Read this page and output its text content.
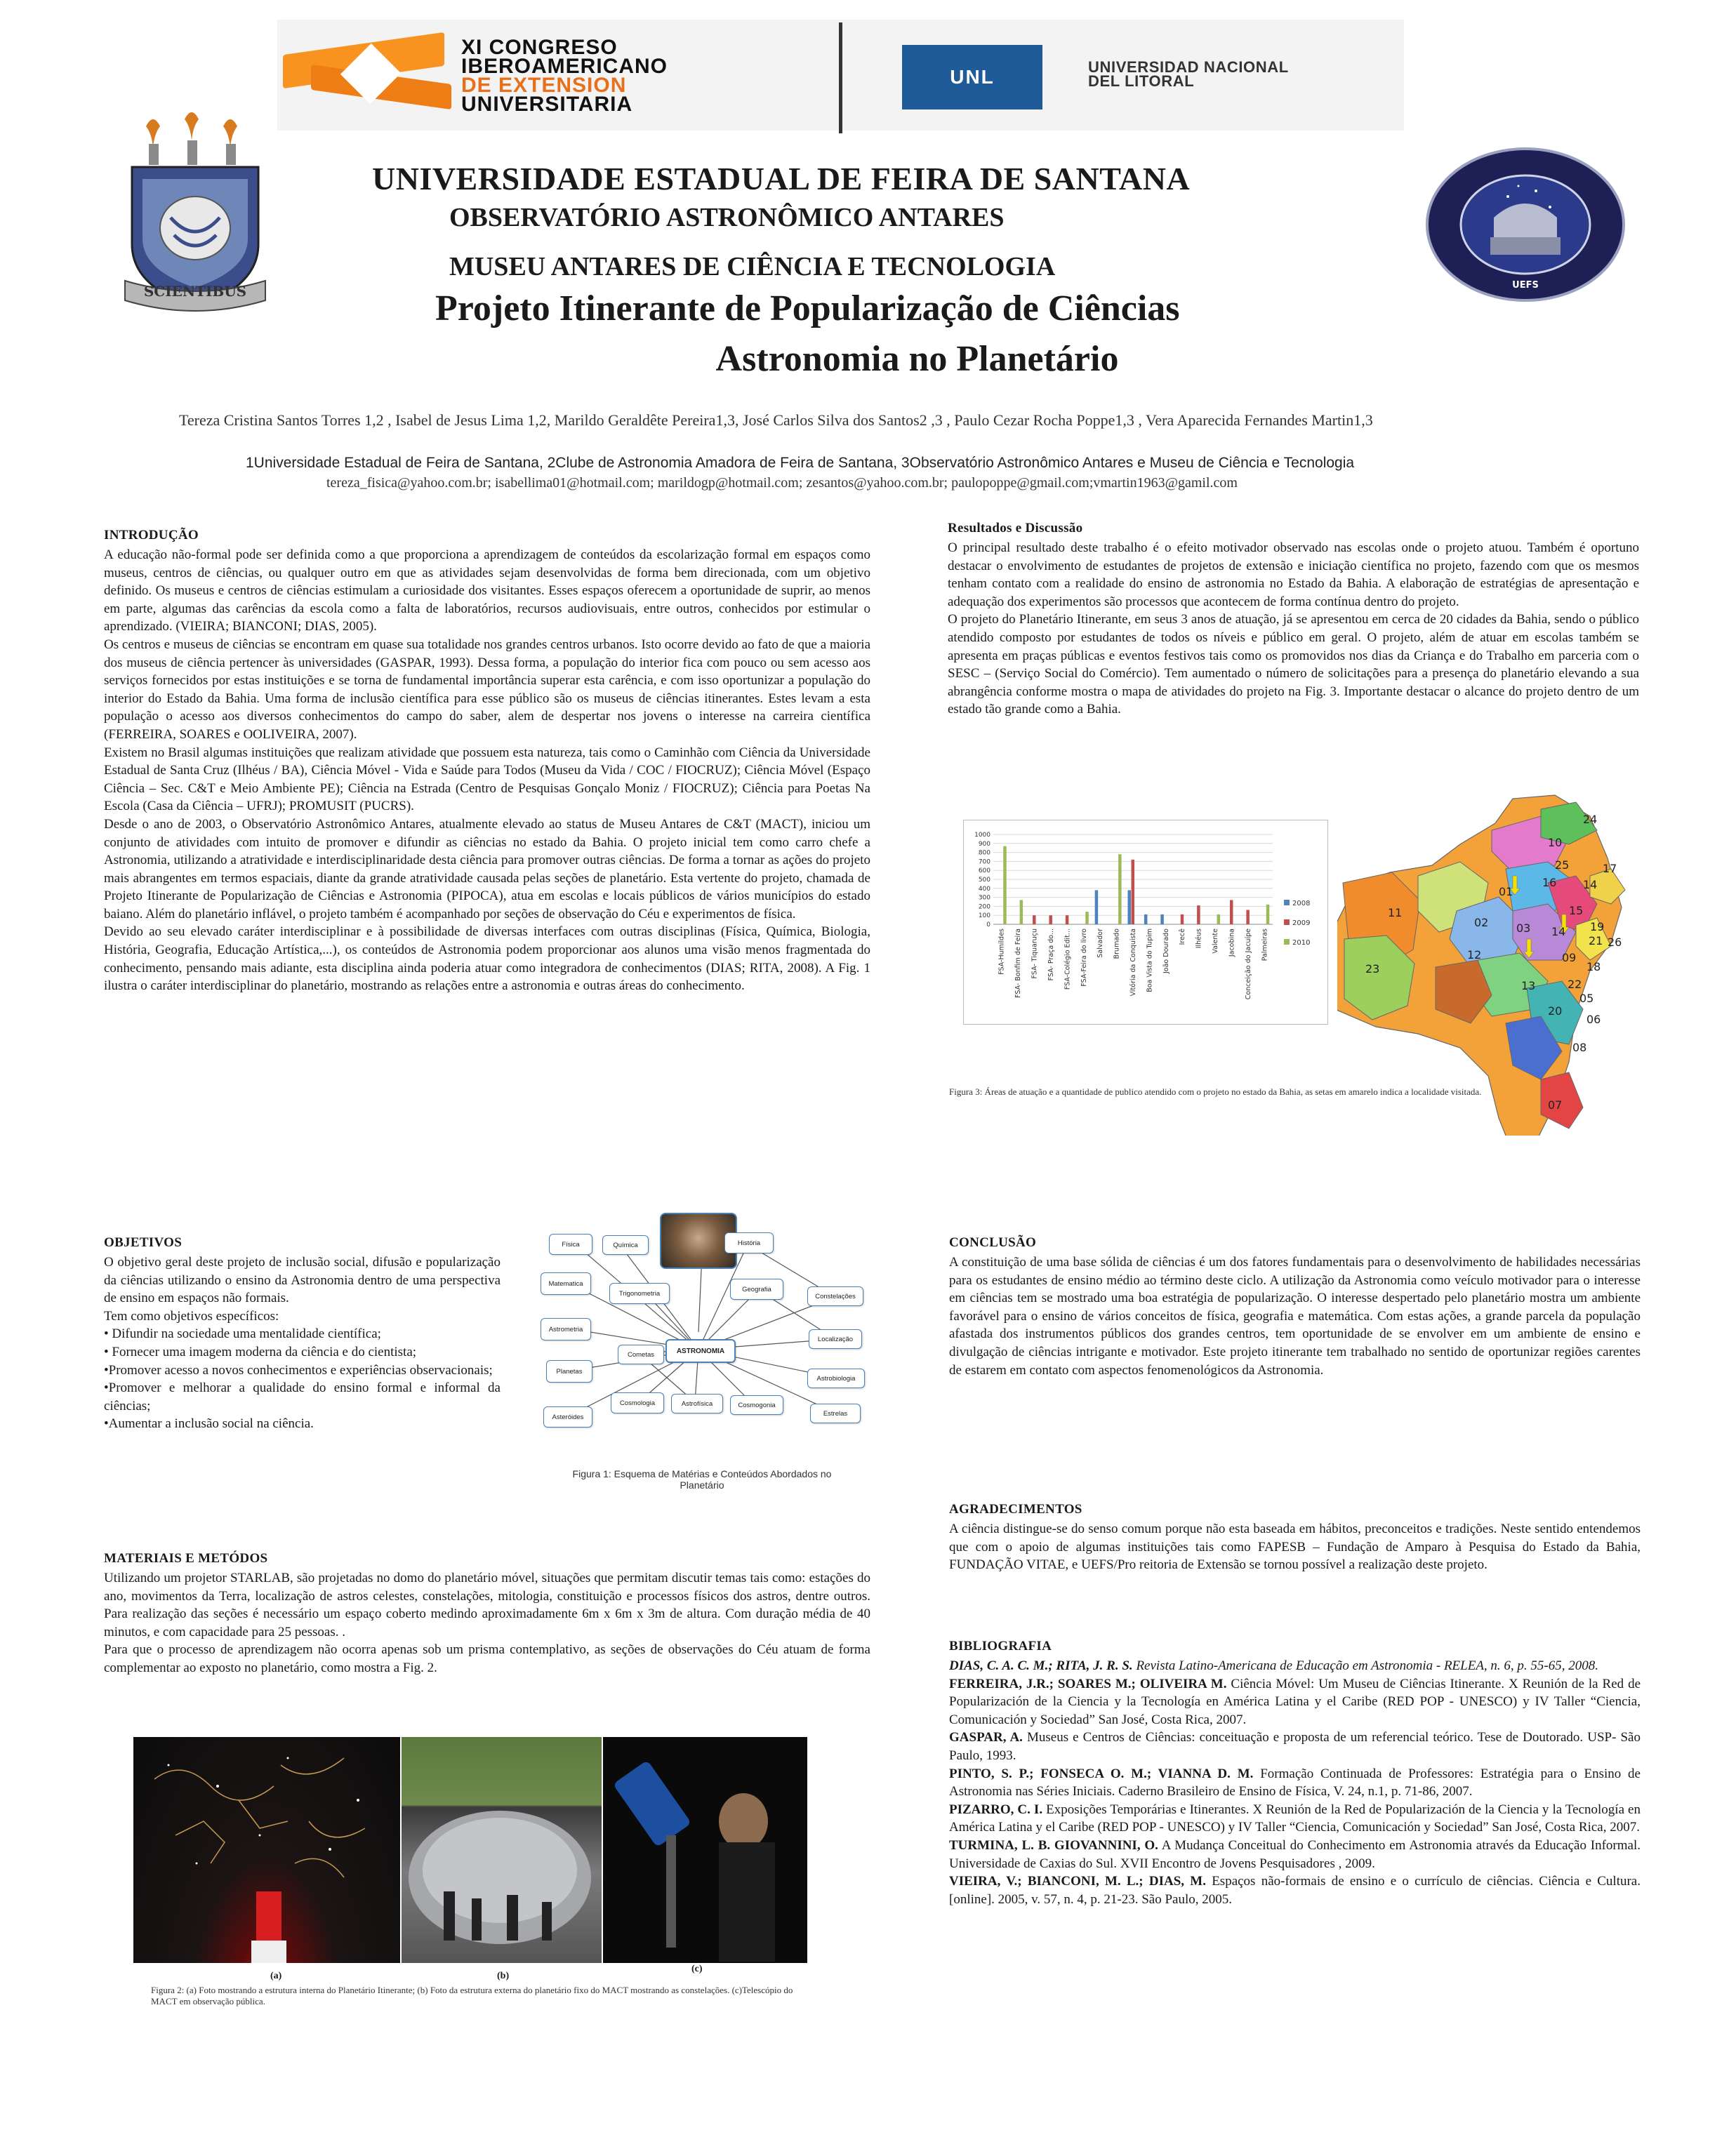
XI CONGRESO
IBEROAMERICANO
DE EXTENSION
UNIVERSITARIA
UNL	UNIVERSIDAD NACIONAL
DEL LITORAL
SCIENTIBUS	UEFS
UNIVERSIDADE ESTADUAL DE FEIRA DE SANTANA
OBSERVATÓRIO ASTRONÔMICO ANTARES
MUSEU ANTARES DE CIÊNCIA E TECNOLOGIA
Projeto Itinerante de Popularização de Ciências
Astronomia no Planetário
Tereza Cristina Santos Torres 1,2 , Isabel de Jesus Lima 1,2, Marildo Geraldête Pereira1,3, José Carlos Silva dos Santos2 ,3 , Paulo Cezar Rocha Poppe1,3 , Vera Aparecida Fernandes Martin1,3
1Universidade Estadual de Feira de Santana, 2Clube de Astronomia Amadora de Feira de Santana, 3Observatório Astronômico Antares e Museu de Ciência e Tecnologia
tereza_fisica@yahoo.com.br; isabellima01@hotmail.com; marildogp@hotmail.com; zesantos@yahoo.com.br; paulopoppe@gmail.com;vmartin1963@gamil.com
INTRODUÇÃO

A educação não-formal pode ser definida como a que proporciona a aprendizagem de conteúdos da escolarização formal em espaços como museus, centros de ciências, ou qualquer outro em que as atividades sejam desenvolvidas de forma bem direcionada, com um objetivo definido. Os museus e centros de ciências estimulam a curiosidade dos visitantes. Esses espaços oferecem a oportunidade de suprir, ao menos em parte, algumas das carências da escola como a falta de laboratórios, recursos audiovisuais, entre outros, conhecidos por estimular o aprendizado. (VIEIRA; BIANCONI; DIAS, 2005).

Os centros e museus de ciências se encontram em quase sua totalidade nos grandes centros urbanos. Isto ocorre devido ao fato de que a maioria dos museus de ciência pertencer às universidades (GASPAR, 1993). Dessa forma, a população do interior fica com pouco ou sem acesso aos serviços fornecidos por estas instituições e se torna de fundamental importância superar esta carência, e com isso oportunizar a população do interior do Estado da Bahia. Uma forma de inclusão científica para esse público são os museus de ciências itinerantes. Estes levam a esta população o acesso aos diversos conhecimentos do campo do saber, alem de despertar nos jovens o interesse na carreira científica (FERREIRA, SOARES e OOLIVEIRA, 2007).

Existem no Brasil algumas instituições que realizam atividade que possuem esta natureza, tais como o Caminhão com Ciência da Universidade Estadual de Santa Cruz (Ilhéus / BA), Ciência Móvel - Vida e Saúde para Todos (Museu da Vida / COC / FIOCRUZ); Ciência Móvel (Espaço Ciência – Sec. C&T e Meio Ambiente PE); Ciência na Estrada (Centro de Pesquisas Gonçalo Moniz / FIOCRUZ); Ciência para Poetas Na Escola (Casa da Ciência – UFRJ); PROMUSIT (PUCRS).

Desde o ano de 2003, o Observatório Astronômico Antares, atualmente elevado ao status de Museu Antares de C&T (MACT), iniciou um conjunto de atividades com intuito de promover e difundir as ciências no estado da Bahia. O projeto inicial tem como carro chefe a Astronomia, utilizando a atratividade e interdisciplinaridade desta ciência para promover outras ciências. De forma a tornar as ações do projeto mais abrangentes em termos espaciais, diante da grande atratividade causada pelas seções de planetário. Esta vertente do projeto, chamada de Projeto Itinerante de Popularização de Ciências e Astronomia (PIPOCA), atua em escolas e locais públicos de vários municípios do estado baiano. Além do planetário inflável, o projeto também é acompanhado por seções de observação do Céu e experimentos de física.

Devido ao seu elevado caráter interdisciplinar e à possibilidade de diversas interfaces com outras disciplinas (Física, Química, Biologia, História, Geografia, Educação Artística,...), os conteúdos de Astronomia podem proporcionar aos alunos uma visão menos fragmentada do conhecimento, pensando mais adiante, esta disciplina ainda poderia atuar como integradora de conhecimentos (DIAS; RITA, 2008). A Fig. 1 ilustra o caráter interdisciplinar do planetário, mostrando as relações entre a astronomia e outras áreas do conhecimento.

OBJETIVOS

O objetivo geral deste projeto de inclusão social, difusão e popularização da ciências utilizando o ensino da Astronomia dentro de uma perspectiva de ensino em espaços não formais.

Tem como objetivos específicos:

• Difundir na sociedade uma mentalidade científica;
• Fornecer uma imagem moderna da ciência e do cientista;
•Promover acesso a novos conhecimentos e experiências observacionais;
•Promover e melhorar a qualidade do ensino formal e informal da ciências;
•Aumentar a inclusão social na ciência.
Física	Química
Matematica
Trigonometria
Astrometria
Cometas
Planetas
Cosmologia	Astrofísica	Cosmogonia
Asteróides
História
Geografia
Constelações
Localização
Astrobiologia
Estrelas
ASTRONOMIA
Figura 1: Esquema de Matérias e Conteúdos Abordados no Planetário
MATERIAIS E METÓDOS

Utilizando um projetor STARLAB, são projetadas no domo do planetário móvel, situações que permitam discutir temas tais como: estações do ano, movimentos da Terra, localização de astros celestes, constelações, mitologia, constituição e processos físicos dos astros, dentre outros. Para realização das seções é necessário um espaço coberto medindo aproximadamente 6m x 6m x 3m de altura. Com duração média de 40 minutos, e com capacidade para 25 pessoas. .

Para que o processo de aprendizagem não ocorra apenas sob um prisma contemplativo, as seções de observações do Céu atuam de forma complementar ao exposto no planetário, como mostra a Fig. 2.

(a)	(b)
(c)
Figura 2: (a) Foto mostrando a estrutura interna do Planetário Itinerante; (b) Foto da estrutura externa do planetário fixo do MACT mostrando as constelações. (c)Telescópio do MACT em observação pública.
Resultados e Discussão

O principal resultado deste trabalho é o efeito motivador observado nas escolas onde o projeto atuou. Também é oportuno destacar o envolvimento de estudantes de projetos de extensão e iniciação científica no projeto, fazendo com que os mesmos tenham contato com a realidade do ensino de astronomia no Estado da Bahia. A elaboração de estratégias de apresentação e adequação dos experimentos são processos que acontecem de forma contínua dentro do projeto.

O projeto do Planetário Itinerante, em seus 3 anos de atuação, já se apresentou em cerca de 20 cidades da Bahia, sendo o público atendido composto por estudantes de todos os níveis e público em geral. O projeto, além de atuar em escolas também se apresenta em praças públicas e eventos festivos tais como os promovidos nos dias da Criança e do Trabalho em parceria com o SESC – (Serviço Social do Comércio). Tem aumentado o número de solicitações para a presença do planetário elevando a sua abrangência conforme mostra o mapa de atividades do projeto na Fig. 3. Importante destacar o alcance do projeto dentro de um estado tão grande como a Bahia.

1000
900
800
700
600
500
400
300
200
100
0
FSA-Humildes FSA- Bonfim de Feira FSA- Tiquaruçu FSA- Praça do... FSA-Colégio Edit... FSA-Feira do livro Salvador Brumado Vitória da Conquista Boa Vista do Tupim João Dourado Irecê Ilhéus Valente Jacobina Conceição do Jacuípe Palmeiras
2008
2009
2010
10
24
25	17
01
16 14
11
02 03
15
19
21 26
23
12
14
09
13	22
20
05
06
08
07
18
Figura 3: Áreas de atuação e a quantidade de publico atendido com o projeto no estado da Bahia, as setas em amarelo indica a localidade visitada.
CONCLUSÃO

A constituição de uma base sólida de ciências é um dos fatores fundamentais para o desenvolvimento de habilidades necessárias para os estudantes de ensino médio ao término deste ciclo. A utilização da Astronomia como veículo motivador para o interesse em ciências tem se mostrado uma boa estratégia de popularização. O interesse despertado pelo planetário mostra um ambiente favorável para o ensino de vários conceitos de física, geografia e matemática. Com estas ações, a grande parcela da população afastada dos instrumentos públicos dos grandes centros, tem oportunidade de se envolver em um ambiente de ensino e divulgação de ciências intrigante e motivador. Este projeto itinerante tem trabalhado no sentido de oportunizar regiões carentes de estarem em contato com aspectos fenomenológicos da Astronomia.

AGRADECIMENTOS

A ciência distingue-se do senso comum porque não esta baseada em hábitos, preconceitos e tradições. Neste sentido entendemos que com o apoio de algumas instituições tais como FAPESB – Fundação de Amparo à Pesquisa do Estado da Bahia, FUNDAÇÃO VITAE, e UEFS/Pro reitoria de Extensão se tornou possível a realização deste projeto.

BIBLIOGRAFIA

DIAS, C. A. C. M.; RITA, J. R. S. Revista Latino-Americana de Educação em Astronomia - RELEA, n. 6, p. 55-65, 2008.

FERREIRA, J.R.; SOARES M.; OLIVEIRA M. Ciência Móvel: Um Museu de Ciências Itinerante. X Reunión de la Red de Popularización de la Ciencia y la Tecnología en América Latina y el Caribe (RED POP - UNESCO) y IV Taller “Ciencia, Comunicación y Sociedad” San José, Costa Rica, 2007.

GASPAR, A. Museus e Centros de Ciências: conceituação e proposta de um referencial teórico. Tese de Doutorado. USP- São Paulo, 1993.

PINTO, S. P.; FONSECA O. M.; VIANNA D. M. Formação Continuada de Professores: Estratégia para o Ensino de Astronomia nas Séries Iniciais. Caderno Brasileiro de Ensino de Física, V. 24, n.1, p. 71-86, 2007.

PIZARRO, C. I. Exposições Temporárias e Itinerantes. X Reunión de la Red de Popularización de la Ciencia y la Tecnología en América Latina y el Caribe (RED POP - UNESCO) y IV Taller “Ciencia, Comunicación y Sociedad” San José, Costa Rica, 2007.

TURMINA, L. B. GIOVANNINI, O. A Mudança Conceitual do Conhecimento em Astronomia através da Educação Informal. Universidade de Caxias do Sul. XVII Encontro de Jovens Pesquisadores , 2009.

VIEIRA, V.; BIANCONI, M. L.; DIAS, M. Espaços não-formais de ensino e o currículo de ciências. Ciência e Cultura. [online]. 2005, v. 57, n. 4, p. 21-23. São Paulo, 2005.
